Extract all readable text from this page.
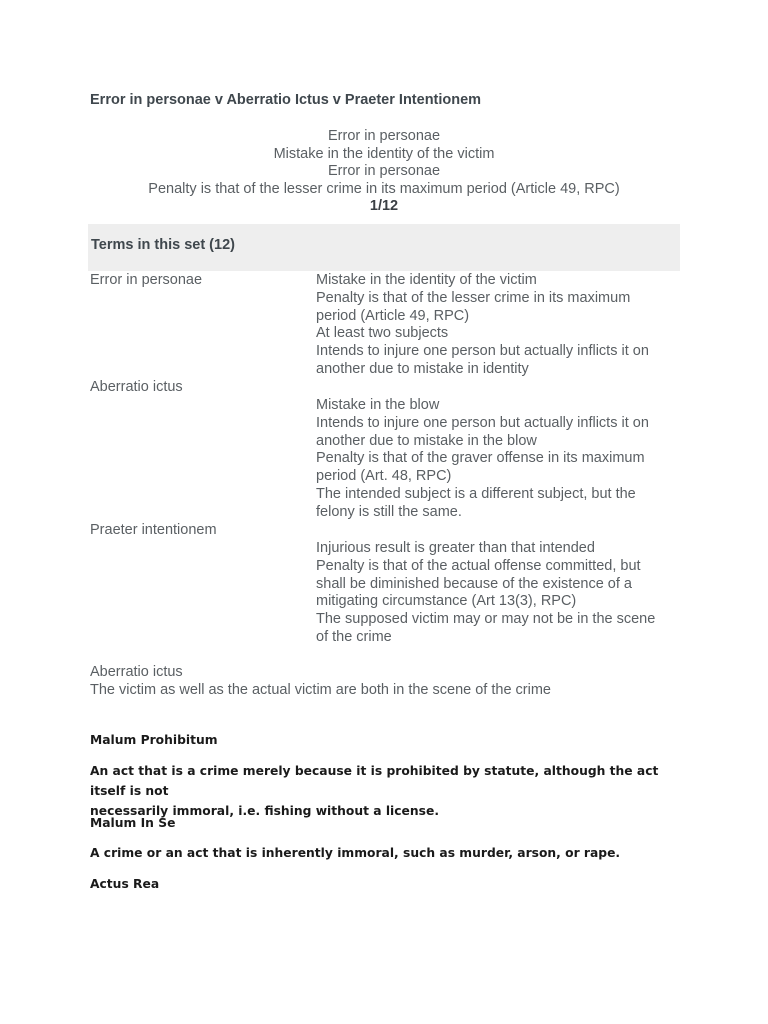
Error in personae v Aberratio Ictus v Praeter Intentionem
Error in personae
Mistake in the identity of the victim
Error in personae
Penalty is that of the lesser crime in its maximum period (Article 49, RPC)
1/12
Terms in this set (12)
Error in personae	Mistake in the identity of the victim
Penalty is that of the lesser crime in its maximum
period (Article 49, RPC)
At least two subjects
Intends to injure one person but actually inflicts it on
another due to mistake in identity
Aberratio ictus
Mistake in the blow
Intends to injure one person but actually inflicts it on
another due to mistake in the blow
Penalty is that of the graver offense in its maximum
period (Art. 48, RPC)
The intended subject is a different subject, but the
felony is still the same.
Praeter intentionem
Injurious result is greater than that intended
Penalty is that of the actual offense committed, but
shall be diminished because of the existence of a
mitigating circumstance (Art 13(3), RPC)
The supposed victim may or may not be in the scene
of the crime
Aberratio ictus
The victim as well as the actual victim are both in the scene of the crime
Malum Prohibitum
An act that is a crime merely because it is prohibited by statute, although the act itself is not
necessarily immoral, i.e. fishing without a license.
Malum In Se
A crime or an act that is inherently immoral, such as murder, arson, or rape.
Actus Rea
